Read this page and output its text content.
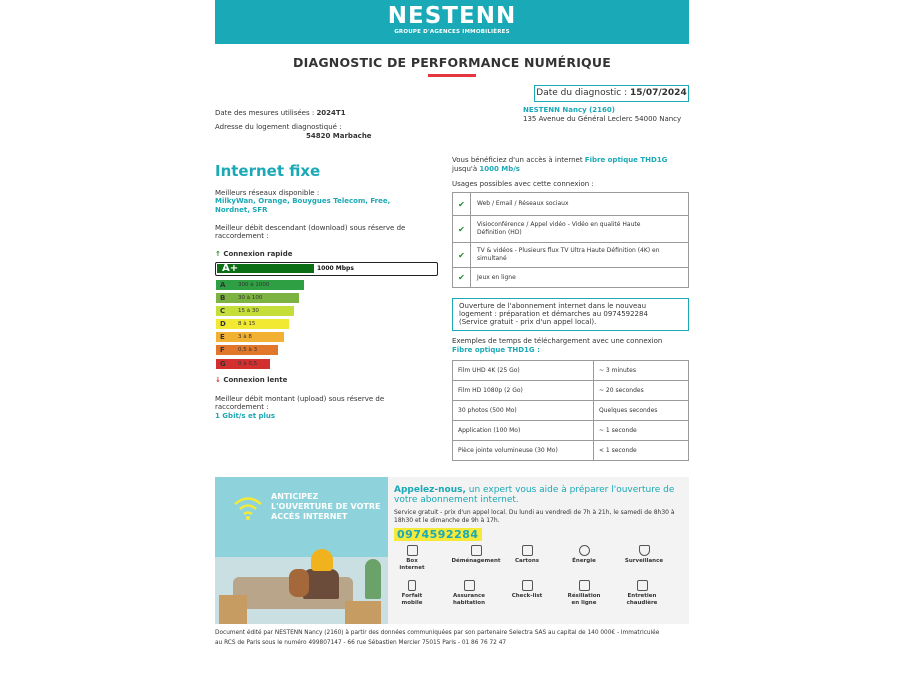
NESTENN
GROUPE D'AGENCES IMMOBILIÈRES
DIAGNOSTIC DE PERFORMANCE NUMÉRIQUE
Date du diagnostic : 15/07/2024
Date des mesures utilisées : 2024T1
Adresse du logement diagnostiqué :
54820 Marbache
NESTENN Nancy (2160)
135 Avenue du Général Leclerc 54000 Nancy
Internet fixe
Meilleurs réseaux disponible :
MilkyWan, Orange, Bouygues Telecom, Free,
Nordnet, SFR
Meilleur débit descendant (download) sous réserve de
raccordement :
↑ Connexion rapide
A+	1000 Mbps
A 300 à 1000
B 30 à 100
C 15 à 30
D 8 à 15
E 3 à 8
F 0,5 à 3
G 0 à 0,5
↓ Connexion lente
Meilleur débit montant (upload) sous réserve de
raccordement :
1 Gbit/s et plus
Vous bénéficiez d'un accès à internet Fibre optique THD1G
jusqu'à 1000 Mb/s
Usages possibles avec cette connexion :
✔	Web / Email / Réseaux sociaux

✔	Visioconférence / Appel vidéo - Vidéo en qualité Haute
Définition (HD)

✔	TV & vidéos - Plusieurs flux TV Ultra Haute Définition (4K) en
simultané

✔	Jeux en ligne
Ouverture de l'abonnement internet dans le nouveau
logement : préparation et démarches au 0974592284
(Service gratuit - prix d'un appel local).
Exemples de temps de téléchargement avec une connexion
Fibre optique THD1G :
Film UHD 4K (25 Go)	~ 3 minutes
Film HD 1080p (2 Go)	~ 20 secondes
30 photos (500 Mo)	Quelques secondes
Application (100 Mo)	~ 1 seconde
Pièce jointe volumineuse (30 Mo)	< 1 seconde
ANTICIPEZ L'OUVERTURE DE VOTRE ACCÈS INTERNET
Appelez-nous, un expert vous aide à préparer l'ouverture de votre abonnement internet.
Service gratuit - prix d'un appel local. Du lundi au vendredi de 7h à 21h, le samedi de 8h30 à 18h30 et le dimanche de 9h à 17h.
0974592284
Box
internet
Déménagement	Cartons	Énergie	Surveillance
Forfait
mobile
Assurance
habitation
Check-list	Résiliation
en ligne
Entretien
chaudière
Document édité par NESTENN Nancy (2160) à partir des données communiquées par son partenaire Selectra SAS au capital de 140 000€ - Immatriculée
au RCS de Paris sous le numéro 499807147 - 66 rue Sébastien Mercier 75015 Paris - 01 86 76 72 47
